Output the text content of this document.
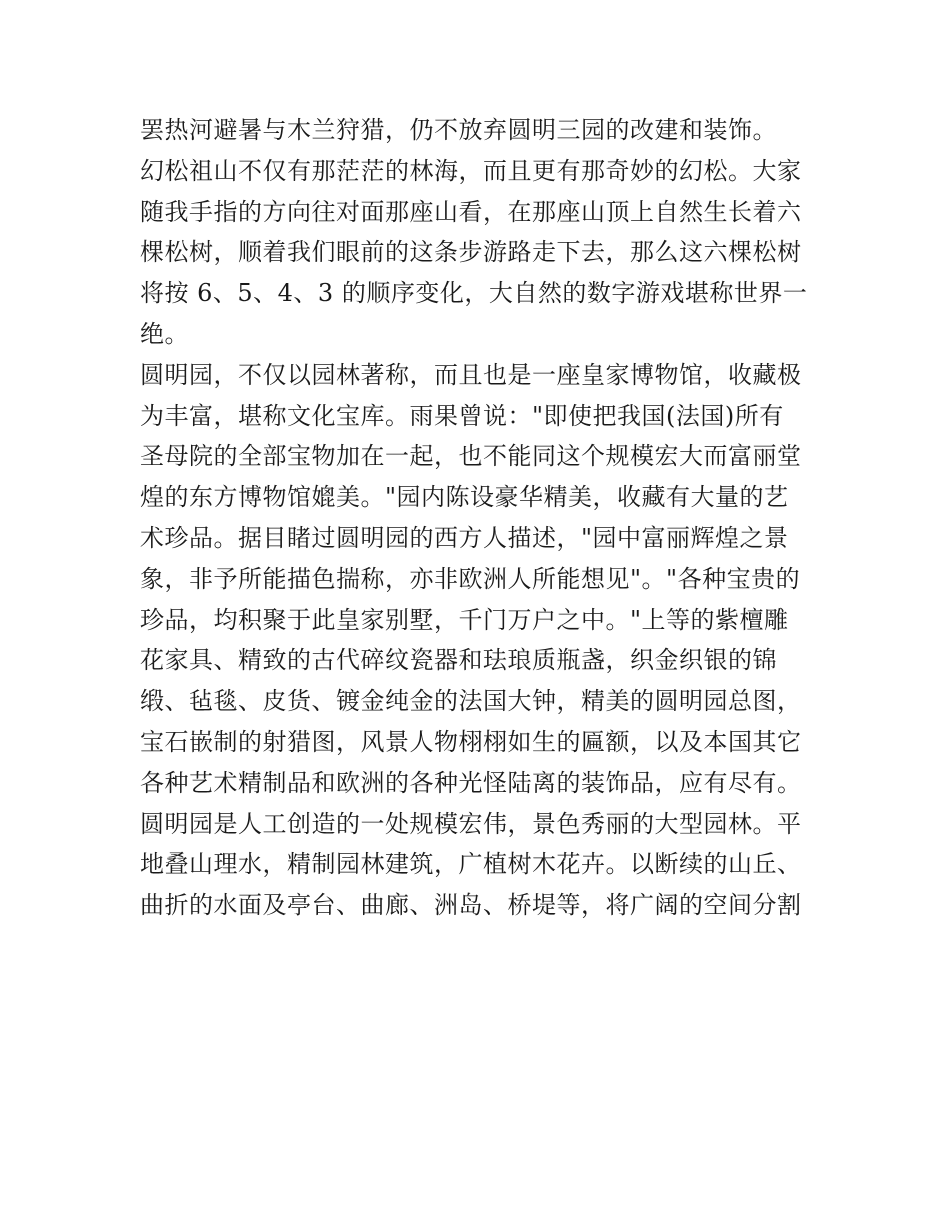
罢热河避暑与木兰狩猎，仍不放弃圆明三园的改建和装饰。
幻松祖山不仅有那茫茫的林海，而且更有那奇妙的幻松。大家
随我手指的方向往对面那座山看，在那座山顶上自然生长着六
棵松树，顺着我们眼前的这条步游路走下去，那么这六棵松树
将按 6、5、4、3 的顺序变化，大自然的数字游戏堪称世界一
绝。
圆明园，不仅以园林著称，而且也是一座皇家博物馆，收藏极
为丰富，堪称文化宝库。雨果曾说："即使把我国(法国)所有
圣母院的全部宝物加在一起，也不能同这个规模宏大而富丽堂
煌的东方博物馆媲美。"园内陈设豪华精美，收藏有大量的艺
术珍品。据目睹过圆明园的西方人描述，"园中富丽辉煌之景
象，非予所能描色揣称，亦非欧洲人所能想见"。"各种宝贵的
珍品，均积聚于此皇家别墅，千门万户之中。"上等的紫檀雕
花家具、精致的古代碎纹瓷器和珐琅质瓶盏，织金织银的锦
缎、毡毯、皮货、镀金纯金的法国大钟，精美的圆明园总图，
宝石嵌制的射猎图，风景人物栩栩如生的匾额，以及本国其它
各种艺术精制品和欧洲的各种光怪陆离的装饰品，应有尽有。
圆明园是人工创造的一处规模宏伟，景色秀丽的大型园林。平
地叠山理水，精制园林建筑，广植树木花卉。以断续的山丘、
曲折的水面及亭台、曲廊、洲岛、桥堤等，将广阔的空间分割
